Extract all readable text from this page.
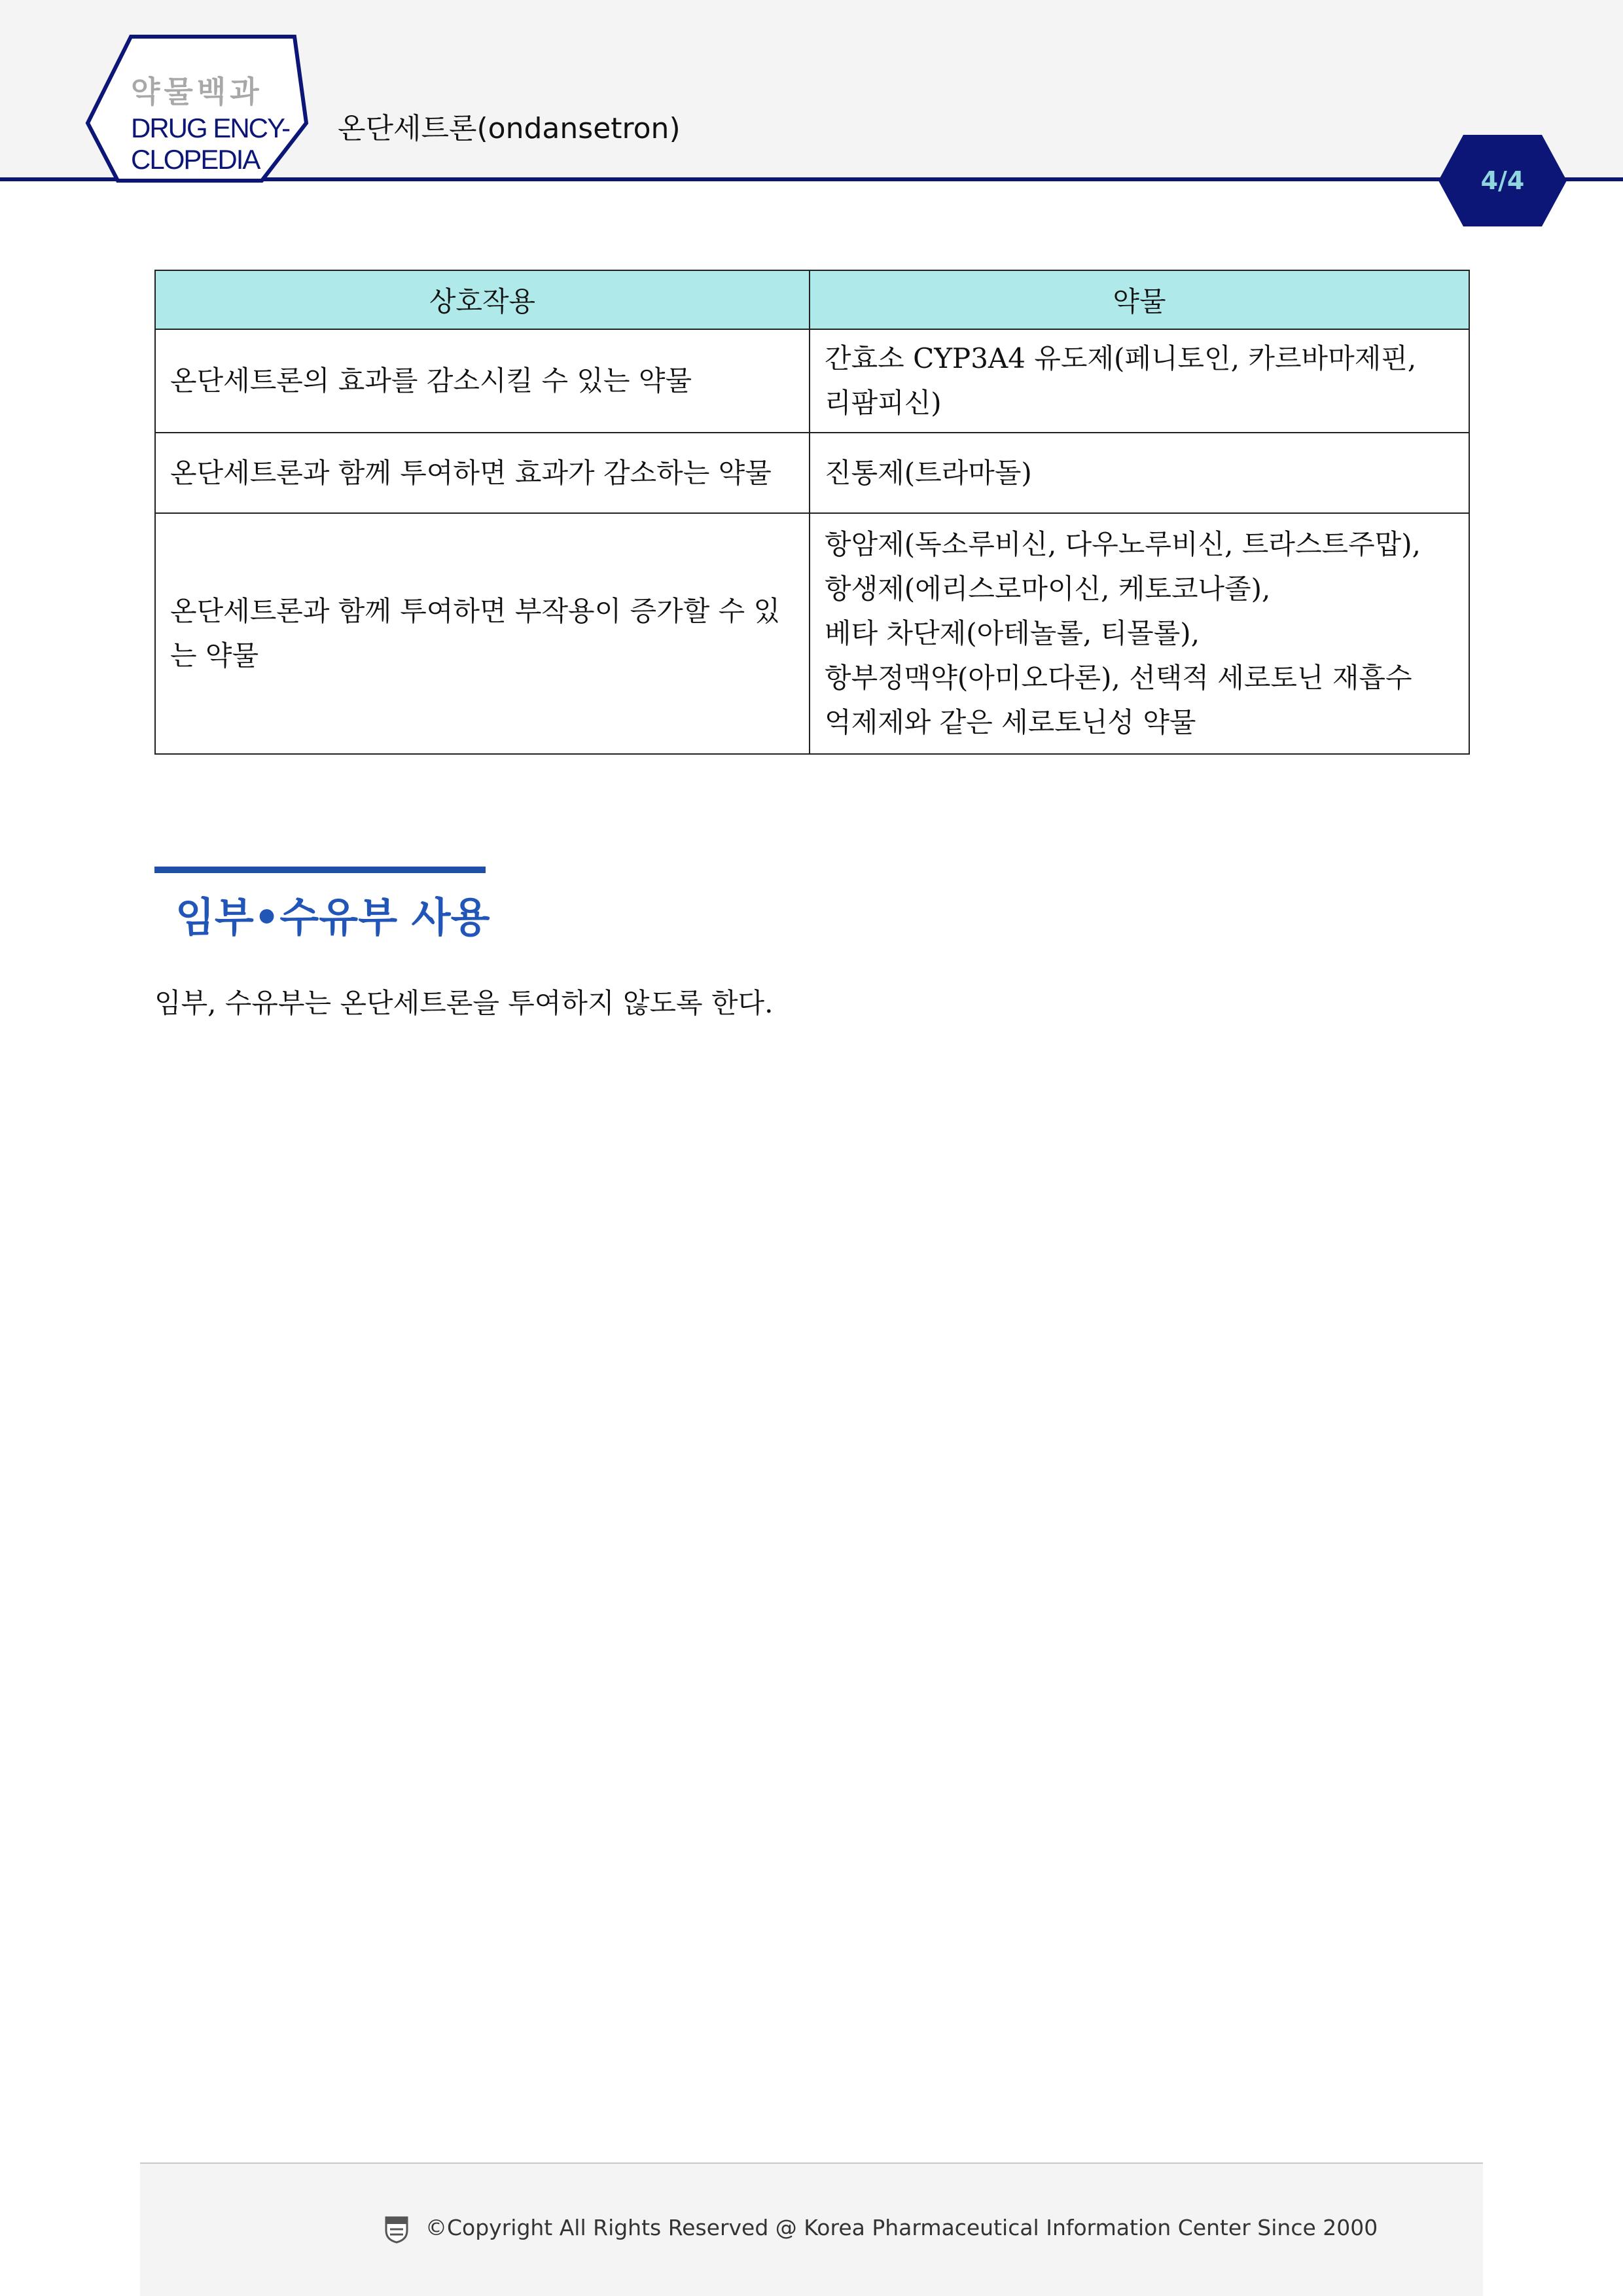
약물백과
DRUG ENCY-
CLOPEDIA
온단세트론(ondansetron)
4/4
상호작용	약물
온단세트론의 효과를 감소시킬 수 있는 약물	간효소 CYP3A4 유도제(페니토인, 카르바마제핀,
리팜피신)

온단세트론과 함께 투여하면 효과가 감소하는 약물	진통제(트라마돌)

온단세트론과 함께 투여하면 부작용이 증가할 수 있는 약물	항암제(독소루비신, 다우노루비신, 트라스트주맙),
항생제(에리스로마이신, 케토코나졸),
베타 차단제(아테놀롤, 티몰롤),
항부정맥약(아미오다론), 선택적 세로토닌 재흡수
억제제와 같은 세로토닌성 약물
임부•수유부 사용
임부, 수유부는 온단세트론을 투여하지 않도록 한다.
©Copyright All Rights Reserved @ Korea Pharmaceutical Information Center Since 2000
